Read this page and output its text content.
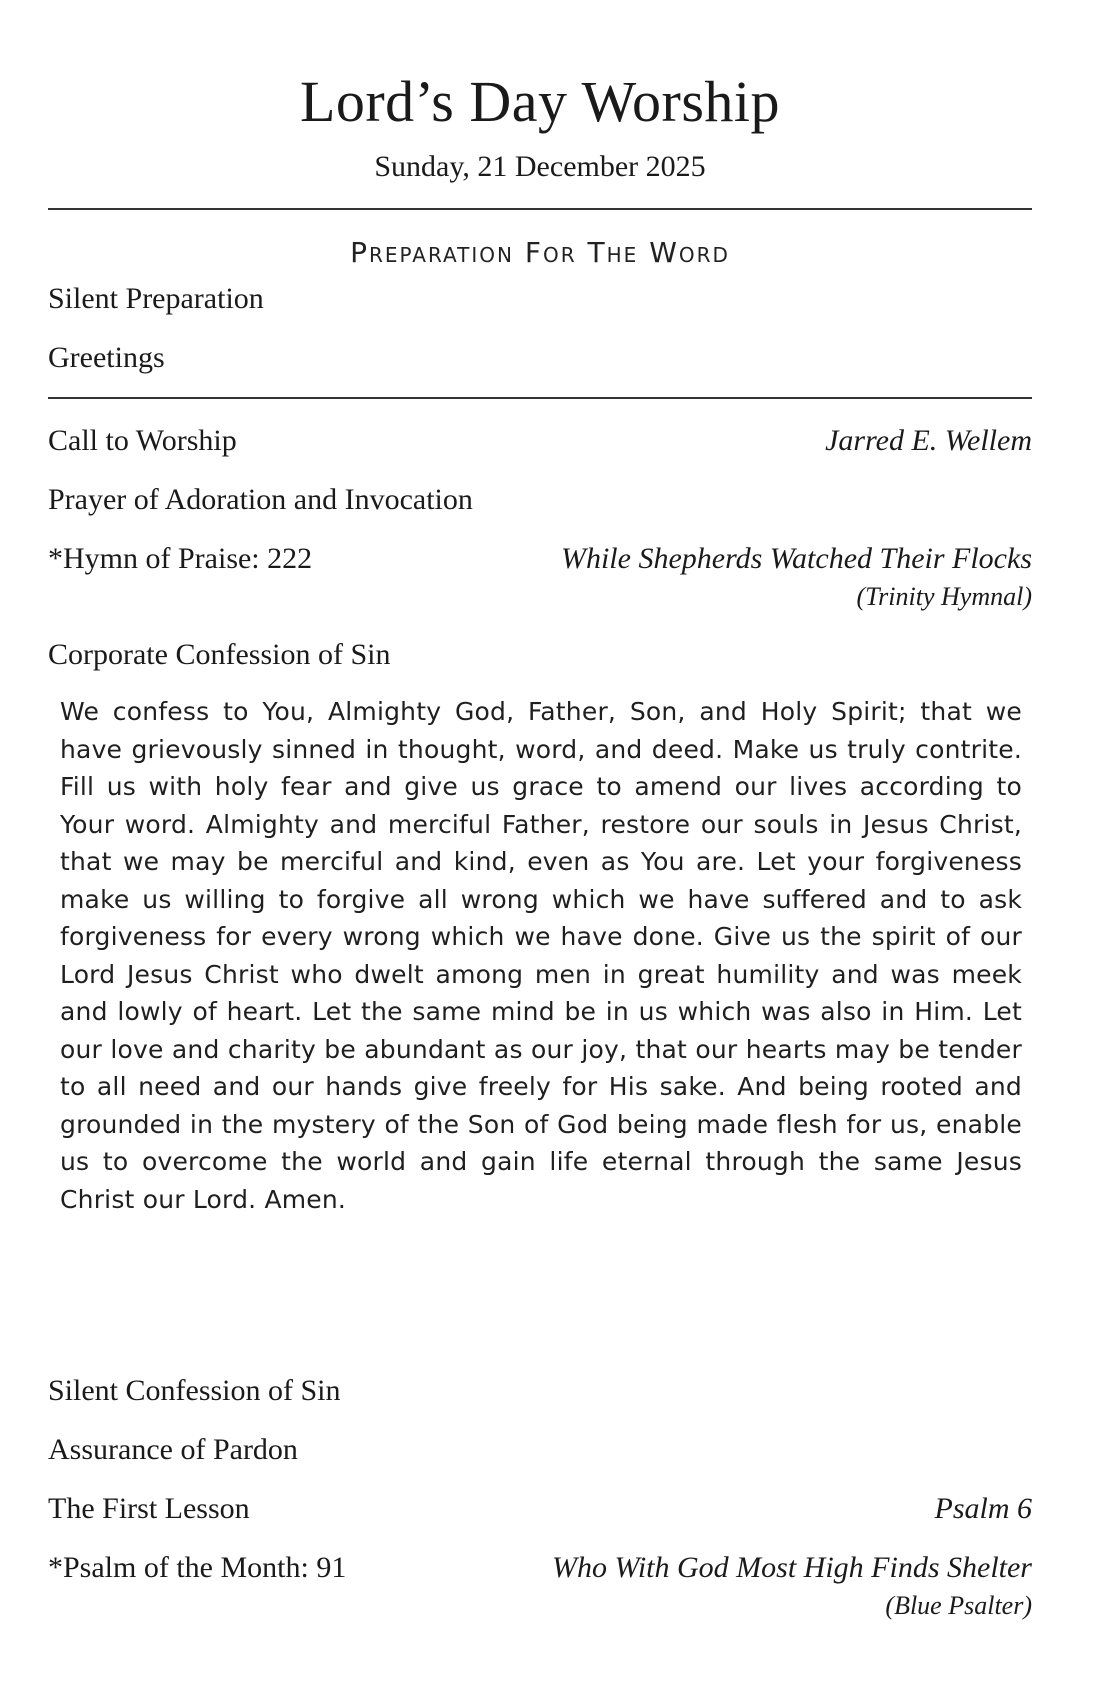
Lord’s Day Worship
Sunday, 21 December 2025
Preparation For The Word
Silent Preparation
Greetings
Call to Worship	Jarred E. Wellem
Prayer of Adoration and Invocation
*Hymn of Praise: 222	While Shepherds Watched Their Flocks
(Trinity Hymnal)
Corporate Confession of Sin
We confess to You, Almighty God, Father, Son, and Holy Spirit; that we have grievously sinned in thought, word, and deed. Make us truly contrite. Fill us with holy fear and give us grace to amend our lives according to Your word. Almighty and merciful Father, restore our souls in Jesus Christ, that we may be merciful and kind, even as You are. Let your forgiveness make us willing to forgive all wrong which we have suffered and to ask forgiveness for every wrong which we have done. Give us the spirit of our Lord Jesus Christ who dwelt among men in great humility and was meek and lowly of heart. Let the same mind be in us which was also in Him. Let our love and charity be abundant as our joy, that our hearts may be tender to all need and our hands give freely for His sake. And being rooted and grounded in the mystery of the Son of God being made flesh for us, enable us to overcome the world and gain life eternal through the same Jesus Christ our Lord. Amen.
Silent Confession of Sin
Assurance of Pardon
The First Lesson	Psalm 6
*Psalm of the Month: 91	Who With God Most High Finds Shelter
(Blue Psalter)
